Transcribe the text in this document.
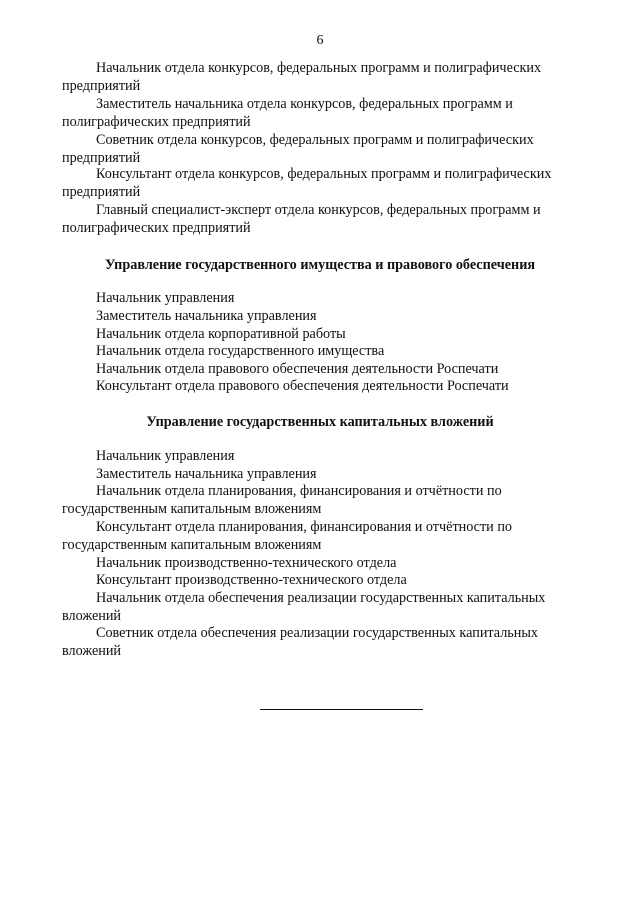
6
Начальник отдела конкурсов, федеральных программ и полиграфических предприятий
Заместитель начальника отдела конкурсов, федеральных программ и полиграфических предприятий
Советник отдела конкурсов, федеральных программ и полиграфических предприятий
Консультант отдела конкурсов, федеральных программ и полиграфических предприятий
Главный специалист-эксперт отдела конкурсов, федеральных программ и полиграфических предприятий
Управление государственного имущества и правового обеспечения
Начальник управления
Заместитель начальника управления
Начальник отдела корпоративной работы
Начальник отдела государственного имущества
Начальник отдела правового обеспечения деятельности Роспечати
Консультант отдела правового обеспечения деятельности Роспечати
Управление государственных капитальных вложений
Начальник управления
Заместитель начальника управления
Начальник отдела планирования, финансирования и отчётности по государственным капитальным вложениям
Консультант отдела планирования, финансирования и отчётности по государственным капитальным вложениям
Начальник производственно-технического отдела
Консультант производственно-технического отдела
Начальник отдела обеспечения реализации государственных капитальных вложений
Советник отдела обеспечения реализации государственных капитальных вложений
